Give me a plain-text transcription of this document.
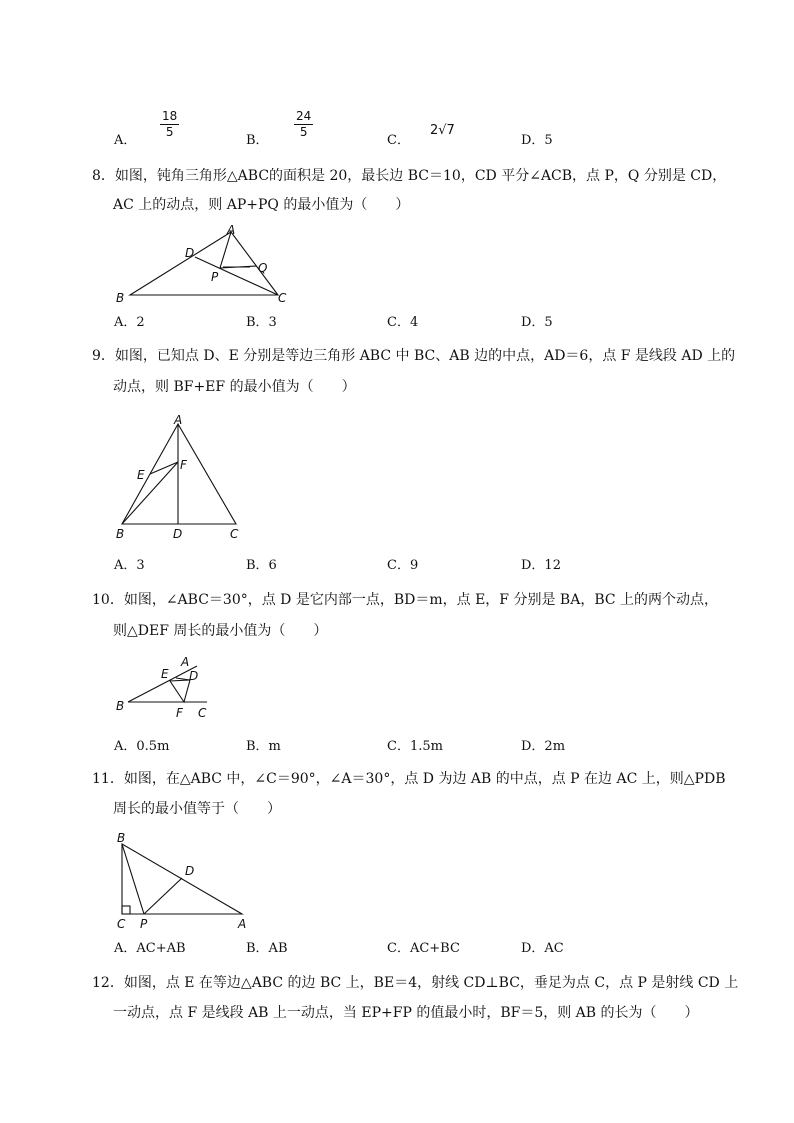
A．
$\frac{18}{5}$
B．
$\frac{24}{5}$
C．
2√7
D．5
8．如图，钝角三角形△ABC的面积是 20，最长边 BC＝10，CD 平分∠ACB，点 P，Q 分别是 CD，
AC 上的动点，则 AP+PQ 的最小值为（　　）
A
B	C
D
P
Q
A．2	B．3	C．4	D．5
9．如图，已知点 D、E 分别是等边三角形 ABC 中 BC、AB 边的中点，AD＝6，点 F 是线段 AD 上的
动点，则 BF+EF 的最小值为（　　）
A
B	C
D
E
F
A．3	B．6	C．9	D．12
10．如图，∠ABC＝30°，点 D 是它内部一点，BD＝m，点 E，F 分别是 BA，BC 上的两个动点，
则△DEF 周长的最小值为（　　）
A
B	C
D
E
F
A．0.5m	B．m	C．1.5m	D．2m
11．如图，在△ABC 中，∠C＝90°，∠A＝30°，点 D 为边 AB 的中点，点 P 在边 AC 上，则△PDB
周长的最小值等于（　　）
B
C	A
D
P
A．AC+AB	B．AB	C．AC+BC	D．AC
12．如图，点 E 在等边△ABC 的边 BC 上，BE＝4，射线 CD⊥BC，垂足为点 C，点 P 是射线 CD 上
一动点，点 F 是线段 AB 上一动点，当 EP+FP 的值最小时，BF＝5，则 AB 的长为（　　）
